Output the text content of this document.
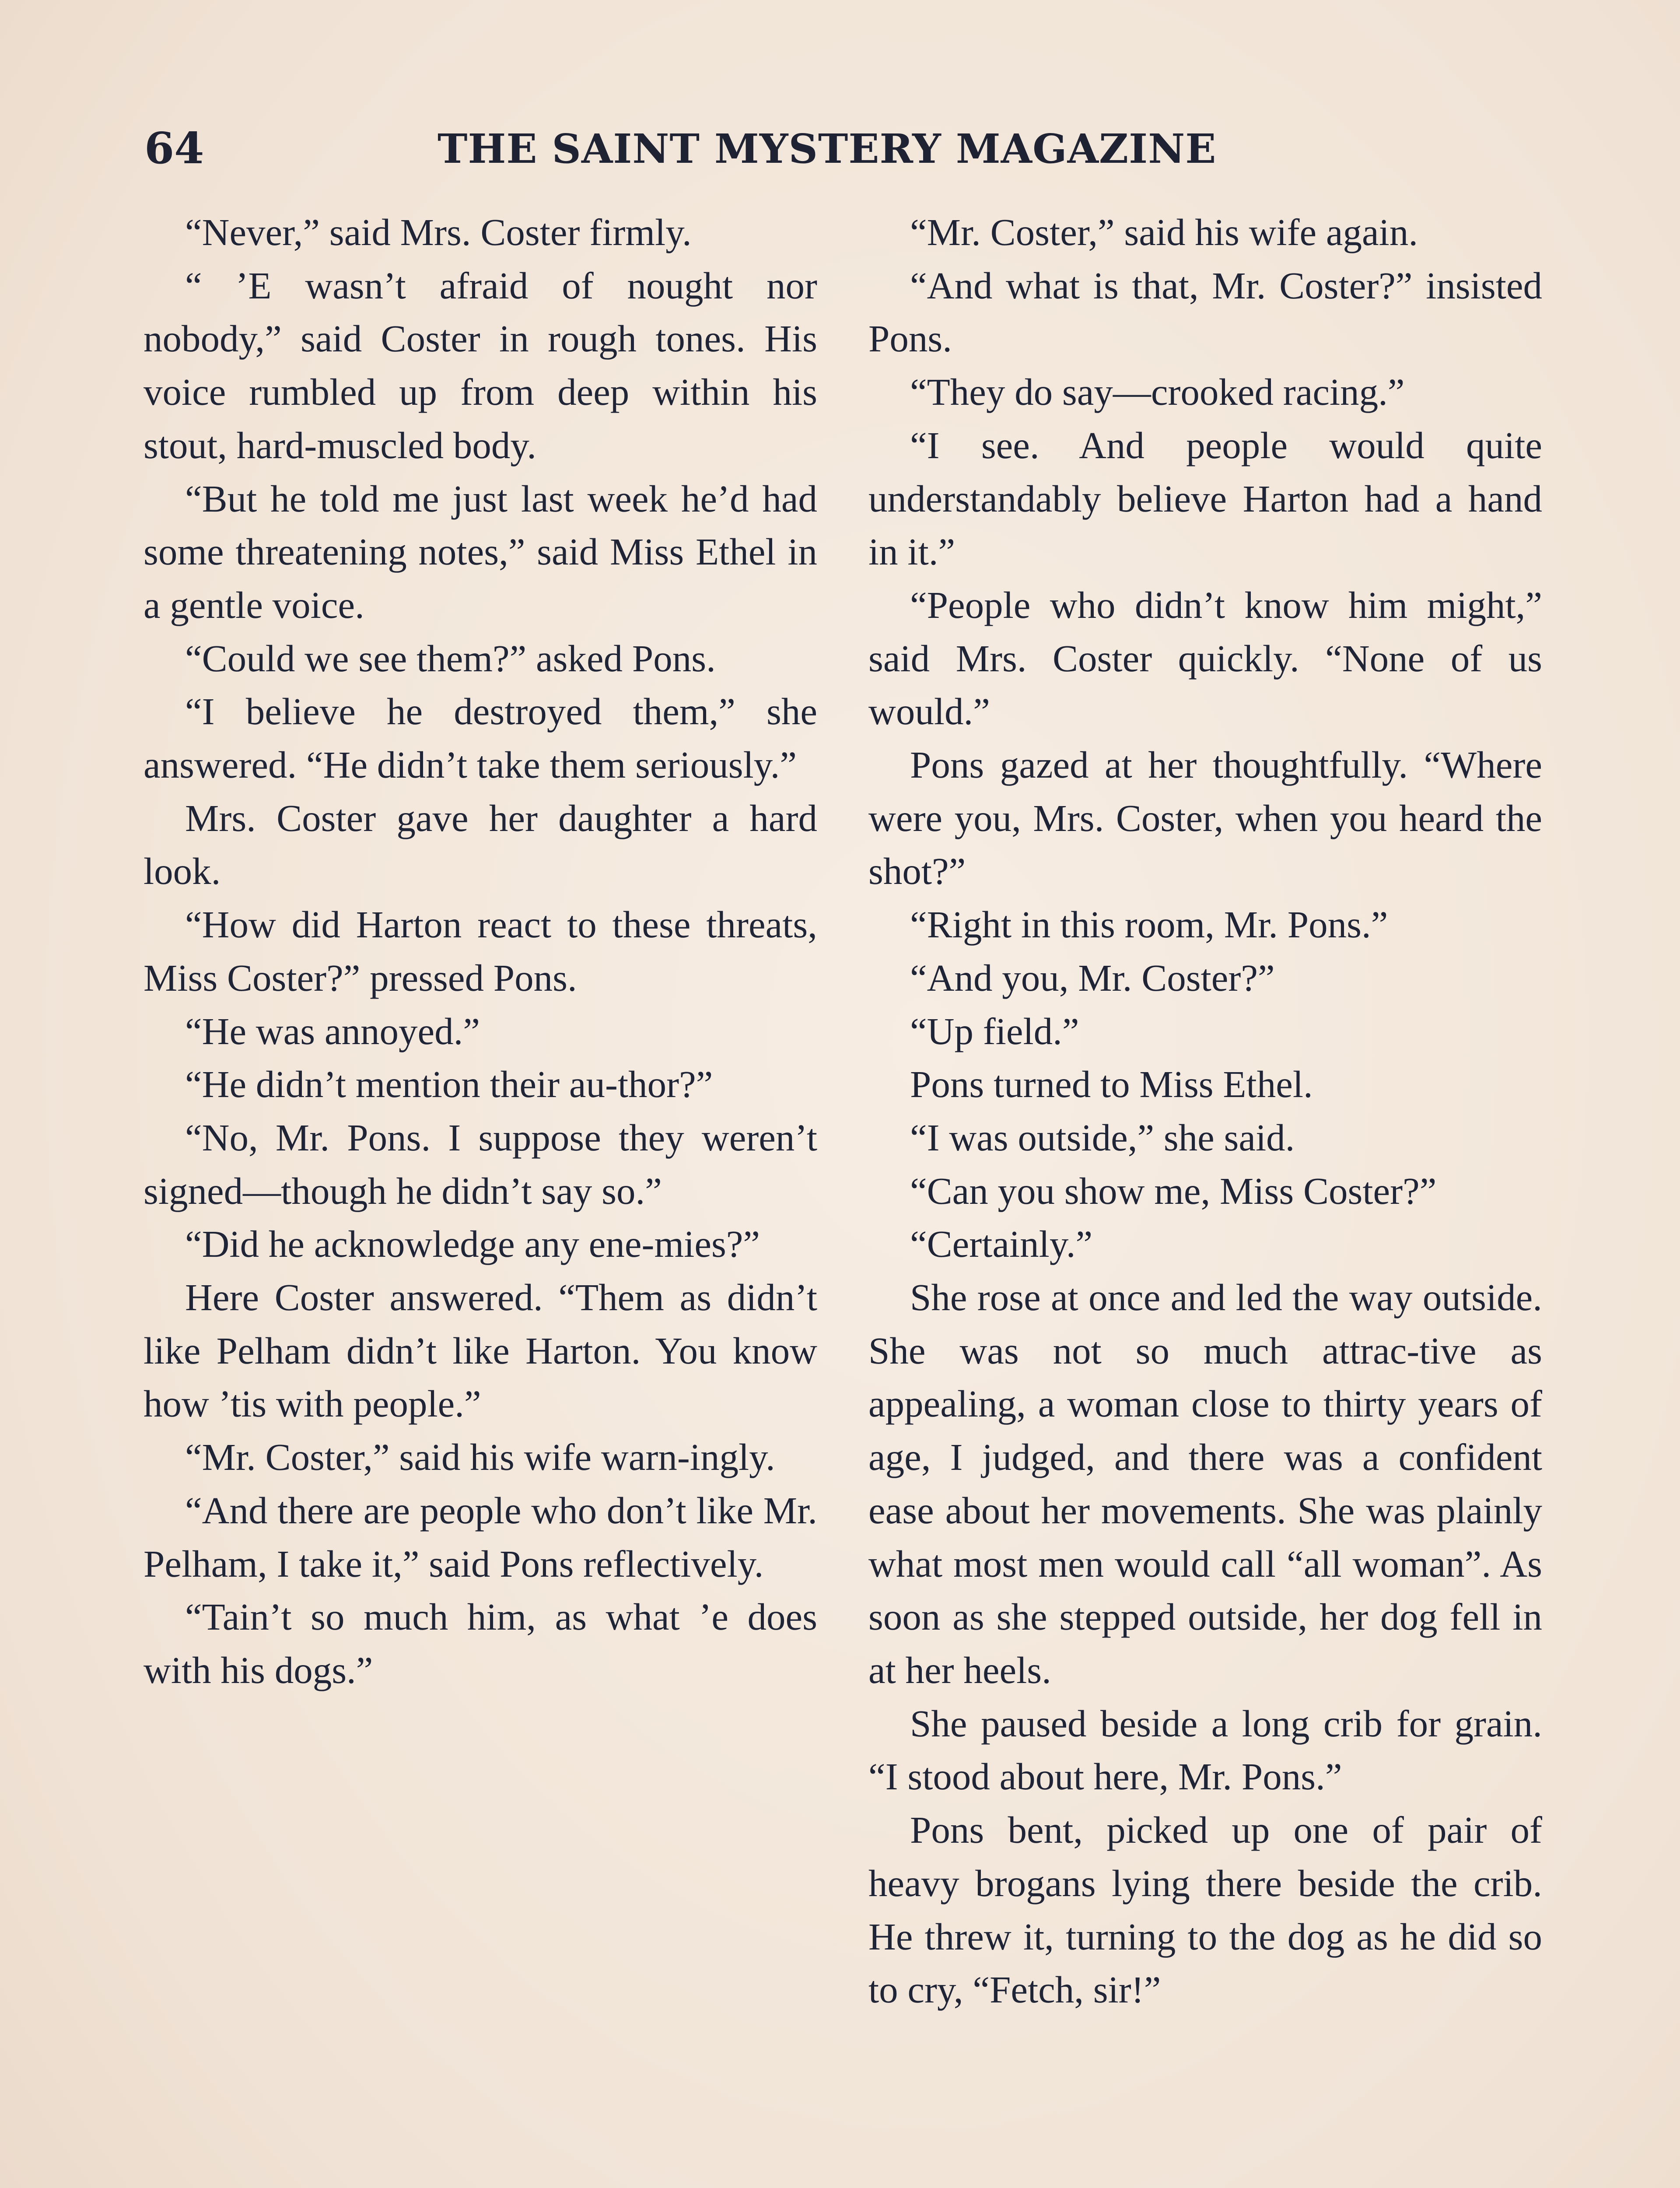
64	THE SAINT MYSTERY MAGAZINE

“Never,” said Mrs. Coster firmly.

“ ’E wasn’t afraid of nought nor nobody,” said Coster in rough tones. His voice rumbled up from deep within his stout, hard-muscled body.

“But he told me just last week he’d had some threatening notes,” said Miss Ethel in a gentle voice.

“Could we see them?” asked Pons.

“I believe he destroyed them,” she answered. “He didn’t take them seriously.”

Mrs. Coster gave her daughter a hard look.

“How did Harton react to these threats, Miss Coster?” pressed Pons.

“He was annoyed.”

“He didn’t mention their au-thor?”

“No, Mr. Pons. I suppose they weren’t signed—though he didn’t say so.”

“Did he acknowledge any ene-mies?”

Here Coster answered. “Them as didn’t like Pelham didn’t like Harton. You know how ’tis with people.”

“Mr. Coster,” said his wife warn-ingly.

“And there are people who don’t like Mr. Pelham, I take it,” said Pons reflectively.

“Tain’t so much him, as what ’e does with his dogs.”

“Mr. Coster,” said his wife again.

“And what is that, Mr. Coster?” insisted Pons.

“They do say—crooked racing.”

“I see. And people would quite understandably believe Harton had a hand in it.”

“People who didn’t know him might,” said Mrs. Coster quickly. “None of us would.”

Pons gazed at her thoughtfully. “Where were you, Mrs. Coster, when you heard the shot?”

“Right in this room, Mr. Pons.”

“And you, Mr. Coster?”

“Up field.”

Pons turned to Miss Ethel.

“I was outside,” she said.

“Can you show me, Miss Coster?”

“Certainly.”

She rose at once and led the way outside. She was not so much attrac-tive as appealing, a woman close to thirty years of age, I judged, and there was a confident ease about her movements. She was plainly what most men would call “all woman”. As soon as she stepped outside, her dog fell in at her heels.

She paused beside a long crib for grain. “I stood about here, Mr. Pons.”

Pons bent, picked up one of pair of heavy brogans lying there beside the crib. He threw it, turning to the dog as he did so to cry, “Fetch, sir!”
